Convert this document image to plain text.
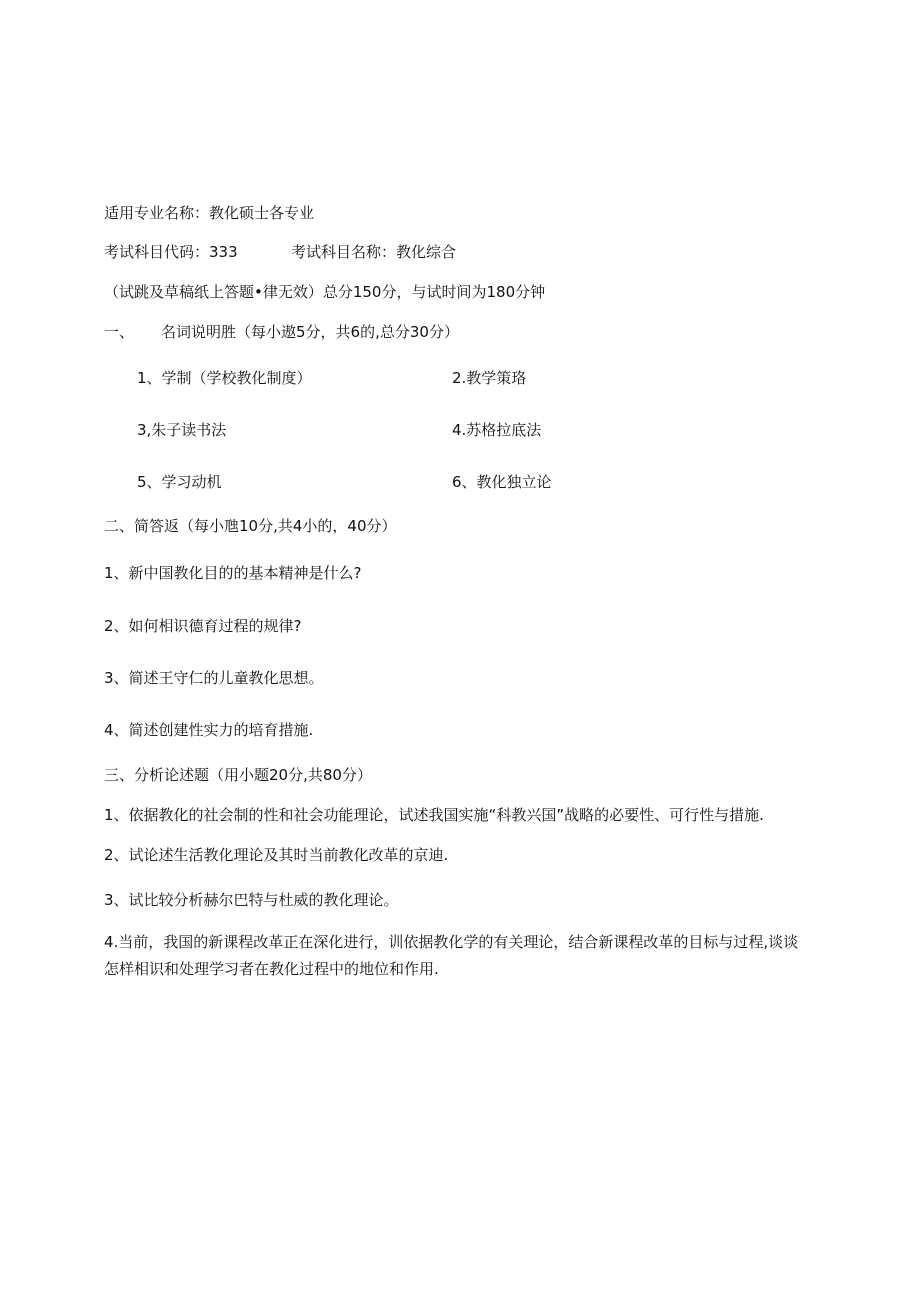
适用专业名称：教化硕士各专业
考试科目代码：333	考试科目名称：教化综合
（试跳及草稿纸上答题•律无效）总分150分，与试时间为180分钟
一、 名词说明胜（每小遨5分，共6的,总分30分）
1、学制（学校教化制度）	2.教学策珞
3,朱子读书法	4.苏格拉底法
5、学习动机	6、教化独立论
二、简答返（每小虺10分,共4小的，40分）
1、新中国教化目的的基本精神是什么?
2、如何相识德育过程的规律?
3、简述王守仁的儿童教化思想。
4、简述创建性实力的培育措施.
三、分析论述题（用小题20分,共80分）
1、依据教化的社会制的性和社会功能理论，试述我国实施“科教兴国”战略的必要性、可行性与措施.
2、试论述生活教化理论及其时当前教化改革的京迪.
3、试比较分析赫尔巴特与杜威的教化理论。
4.当前，我国的新课程改革正在深化进行，训依据教化学的有关理论，结合新课程改革的目标与过程,谈谈怎样相识和处理学习者在教化过程中的地位和作用.
